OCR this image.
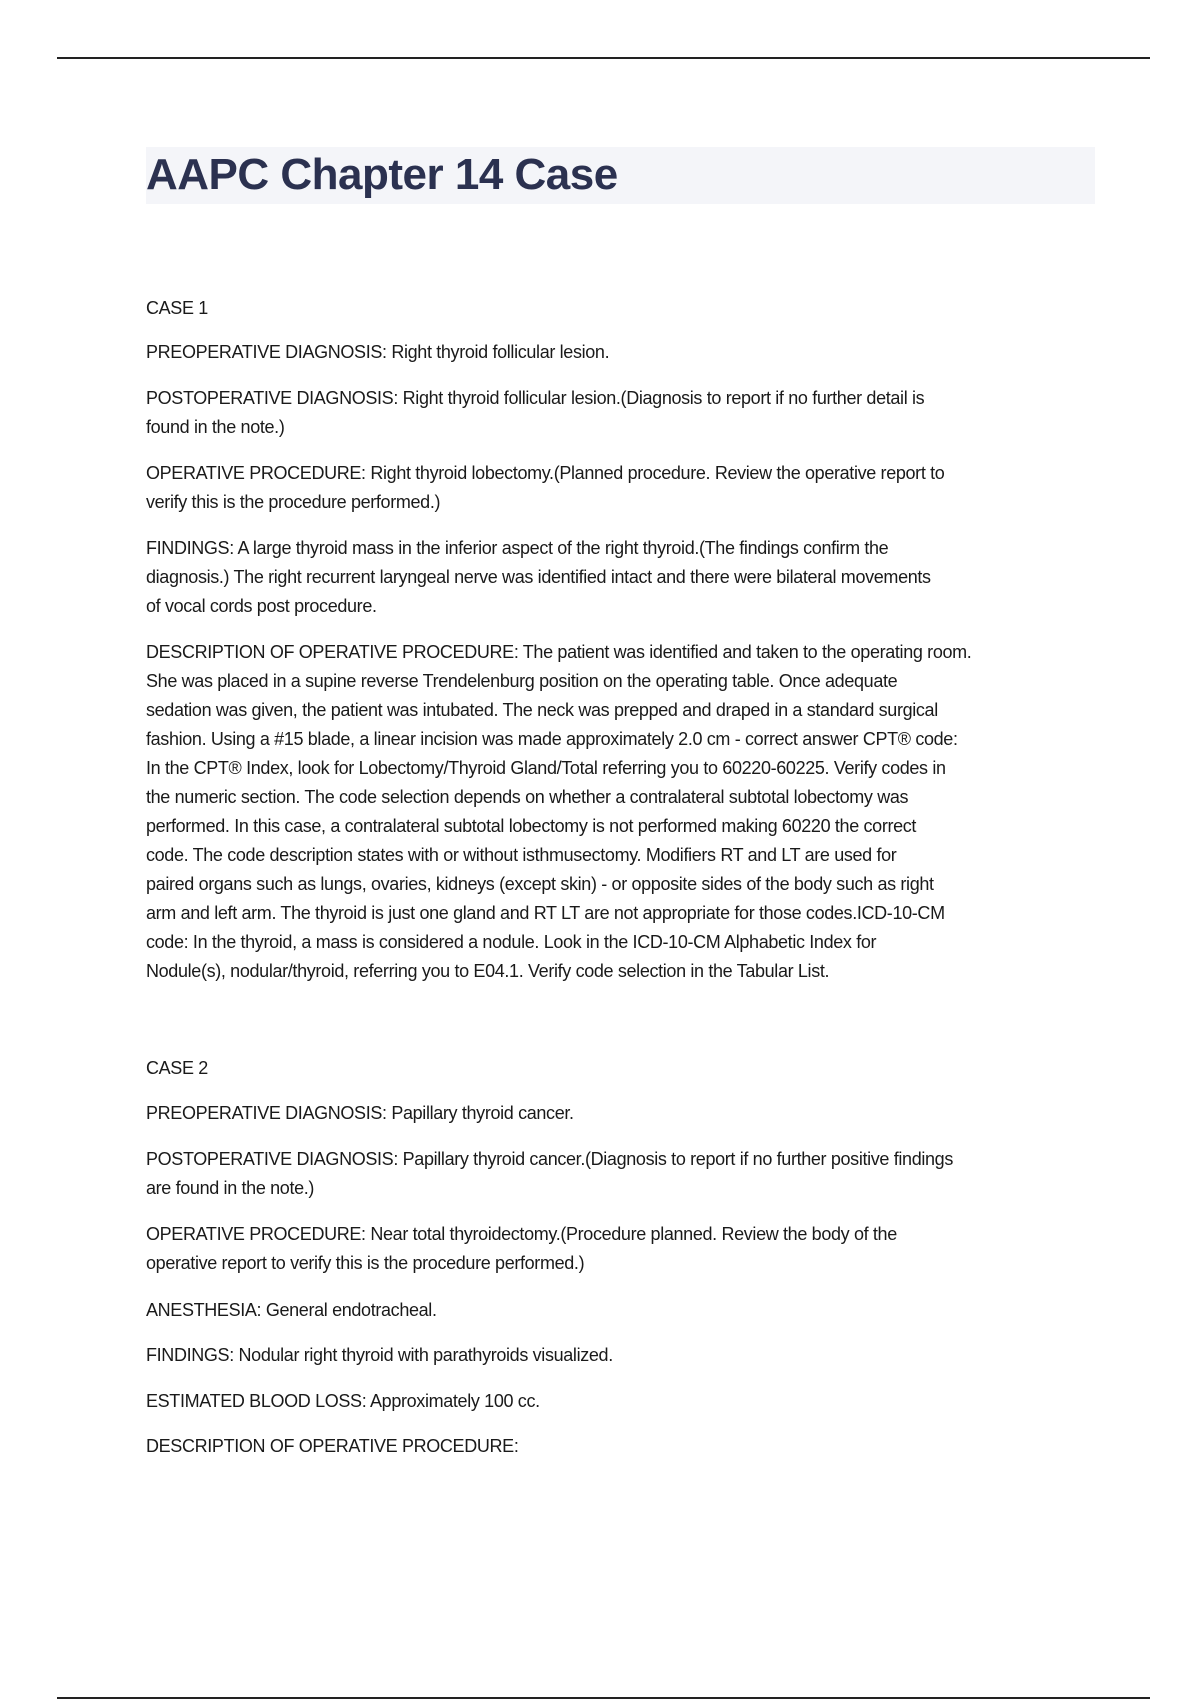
AAPC Chapter 14 Case
CASE 1
PREOPERATIVE DIAGNOSIS: Right thyroid follicular lesion.
POSTOPERATIVE DIAGNOSIS: Right thyroid follicular lesion.(Diagnosis to report if no further detail is
found in the note.)
OPERATIVE PROCEDURE: Right thyroid lobectomy.(Planned procedure. Review the operative report to
verify this is the procedure performed.)
FINDINGS: A large thyroid mass in the inferior aspect of the right thyroid.(The findings confirm the
diagnosis.) The right recurrent laryngeal nerve was identified intact and there were bilateral movements
of vocal cords post procedure.
DESCRIPTION OF OPERATIVE PROCEDURE: The patient was identified and taken to the operating room.
She was placed in a supine reverse Trendelenburg position on the operating table. Once adequate
sedation was given, the patient was intubated. The neck was prepped and draped in a standard surgical
fashion. Using a #15 blade, a linear incision was made approximately 2.0 cm - correct answer CPT® code:
In the CPT® Index, look for Lobectomy/Thyroid Gland/Total referring you to 60220-60225. Verify codes in
the numeric section. The code selection depends on whether a contralateral subtotal lobectomy was
performed. In this case, a contralateral subtotal lobectomy is not performed making 60220 the correct
code. The code description states with or without isthmusectomy. Modifiers RT and LT are used for
paired organs such as lungs, ovaries, kidneys (except skin) - or opposite sides of the body such as right
arm and left arm. The thyroid is just one gland and RT LT are not appropriate for those codes.ICD-10-CM
code: In the thyroid, a mass is considered a nodule. Look in the ICD-10-CM Alphabetic Index for
Nodule(s), nodular/thyroid, referring you to E04.1. Verify code selection in the Tabular List.
CASE 2
PREOPERATIVE DIAGNOSIS: Papillary thyroid cancer.
POSTOPERATIVE DIAGNOSIS: Papillary thyroid cancer.(Diagnosis to report if no further positive findings
are found in the note.)
OPERATIVE PROCEDURE: Near total thyroidectomy.(Procedure planned. Review the body of the
operative report to verify this is the procedure performed.)
ANESTHESIA: General endotracheal.
FINDINGS: Nodular right thyroid with parathyroids visualized.
ESTIMATED BLOOD LOSS: Approximately 100 cc.
DESCRIPTION OF OPERATIVE PROCEDURE:
